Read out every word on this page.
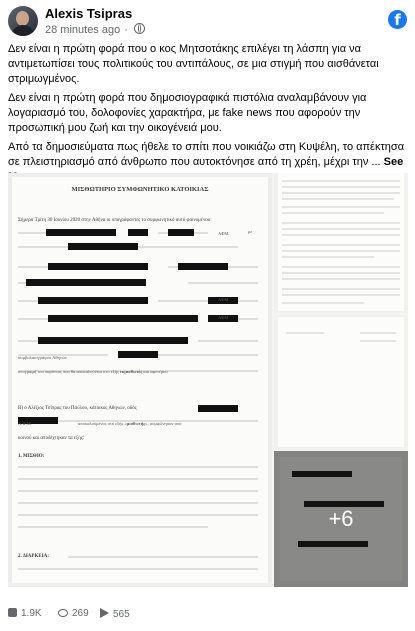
Alexis Tsipras
28 minutes ago ·
f

Δεν είναι η πρώτη φορά που ο κος Μητσοτάκης επιλέγει τη λάσπη για να αντιμετωπίσει τους πολιτικούς του αντιπάλους, σε μια στιγμή που αισθάνεται στριμωγμένος.

Δεν είναι η πρώτη φορά που δημοσιογραφικά πιστόλια αναλαμβάνουν για λογαριασμό του, δολοφονίες χαρακτήρα, με fake news που αφορούν την προσωπική μου ζωή και την οικογένειά μου.

Από τα δημοσιεύματα πως ήθελε το σπίτι που νοικιάζω στη Κυψέλη, το απέκτησα σε πλειστηριασμό από άνθρωπο που αυτοκτόνησε από τη χρέη, μέχρι την ... See

ΜΙΣΘΩΤΗΡΙΟ ΣΥΜΦΩΝΗΤΙΚΟ ΚΑΤΟΙΚΙΑΣ
Σήμερα Τρίτη 30 Ιουνίου 2020 στην Αθήνα οι υπογράφοντες το συμφωνητικό αυτό φαινομένου:
Β) ο Αλέξιος Τσίπρας του Παύλου, κάτοικος Αθηνών, οδός
κοινού και αποδέχτηκαν τα εξής:
1. ΜΙΣΘΙΟ:
2. ΔΙΑΡΚΕΙΑ:
με
ΑΦΜ
ΑΦΜ
ΑΦΜ
συμβολαιογράφου Αθηνών
υπογραφή του παρόντος που θα αποκαλούνται στο εξής εκμισθωτές και αφετέρου
Α.Φ.Μ.	αποκαλούμενος στο εξής «μισθωτής», συμφώνησαν από
+6
1.9K	269	565
